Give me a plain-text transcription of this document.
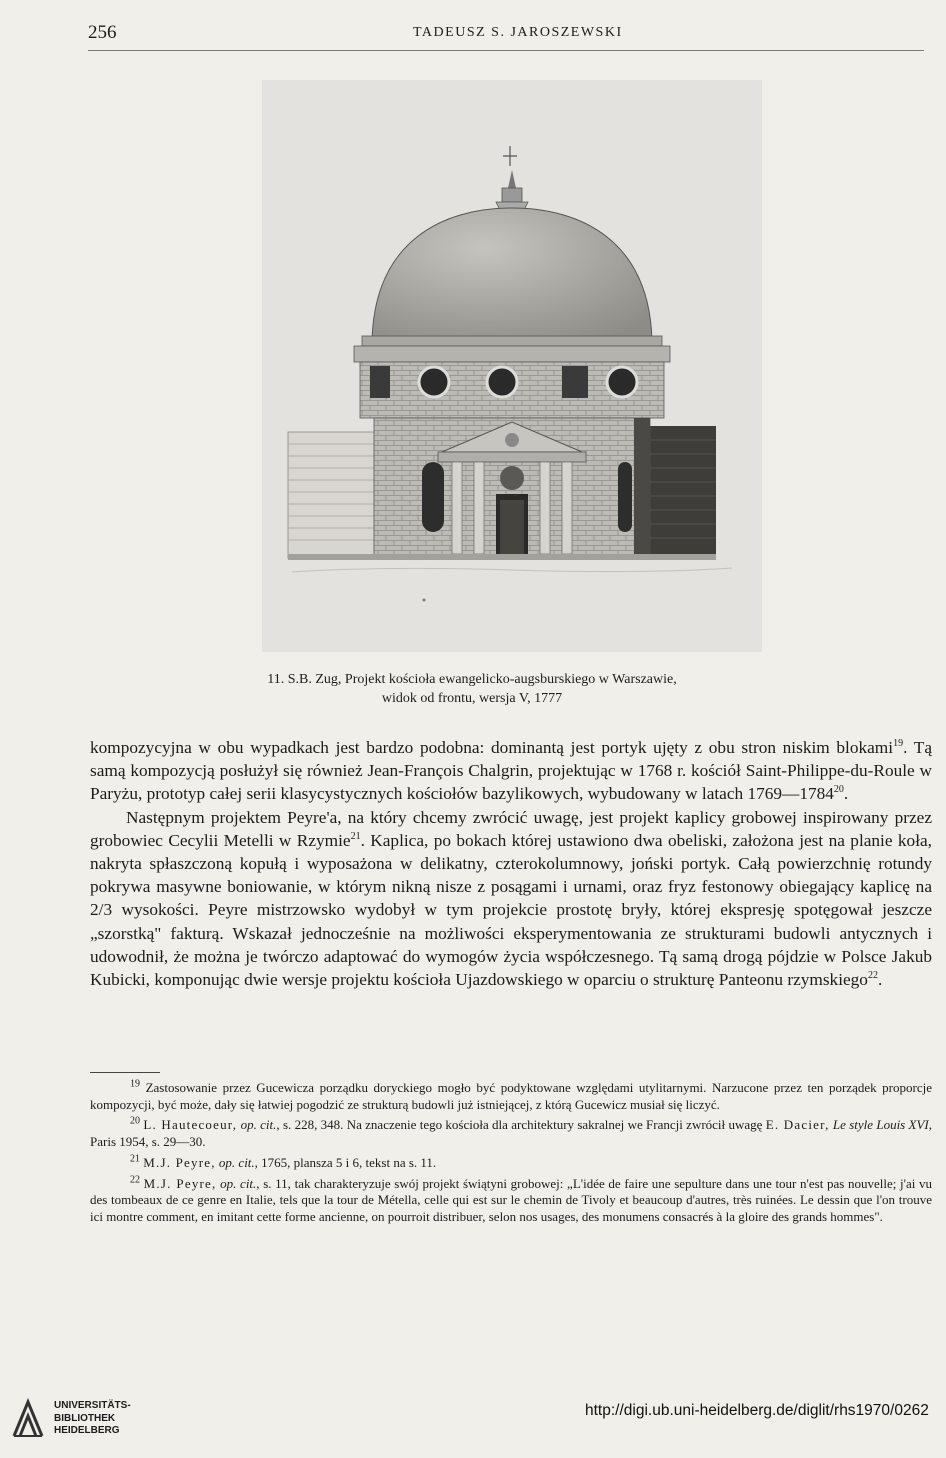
256	TADEUSZ S. JAROSZEWSKI
11. S.B. Zug, Projekt kościoła ewangelicko-augsburskiego w Warszawie,
widok od frontu, wersja V, 1777

kompozycyjna w obu wypadkach jest bardzo podobna: dominantą jest portyk ujęty z obu stron niskim blokami$^{19}$. Tą samą kompozycją posłużył się również Jean-François Chalgrin, projektując w 1768 r. kościół Saint-Philippe-du-Roule w Paryżu, prototyp całej serii klasycystycznych kościołów bazylikowych, wybudowany w latach 1769—1784$^{20}$.

Następnym projektem Peyre'a, na który chcemy zwrócić uwagę, jest projekt kaplicy grobowej inspirowany przez grobowiec Cecylii Metelli w Rzymie$^{21}$. Kaplica, po bokach której ustawiono dwa obeliski, założona jest na planie koła, nakryta spłaszczoną kopułą i wyposażona w delikatny, czterokolumnowy, joński portyk. Całą powierzchnię rotundy pokrywa masywne boniowanie, w którym nikną nisze z posągami i urnami, oraz fryz festonowy obiegający kaplicę na 2/3 wysokości. Peyre mistrzowsko wydobył w tym projekcie prostotę bryły, której ekspresję spotęgował jeszcze „szorstką" fakturą. Wskazał jednocześnie na możliwości eksperymentowania ze strukturami budowli antycznych i udowodnił, że można je twórczo adaptować do wymogów życia współczesnego. Tą samą drogą pójdzie w Polsce Jakub Kubicki, komponując dwie wersje projektu kościoła Ujazdowskiego w oparciu o strukturę Panteonu rzymskiego$^{22}$.

$^{19}$ Zastosowanie przez Gucewicza porządku doryckiego mogło być podyktowane względami utylitarnymi. Narzucone przez ten porządek proporcje kompozycji, być może, dały się łatwiej pogodzić ze strukturą budowli już istniejącej, z którą Gucewicz musiał się liczyć.

$^{20}$ L. Hautecoeur, op. cit., s. 228, 348. Na znaczenie tego kościoła dla architektury sakralnej we Francji zwrócił uwagę E. Dacier, Le style Louis XVI, Paris 1954, s. 29—30.

$^{21}$ M.J. Peyre, op. cit., 1765, plansza 5 i 6, tekst na s. 11.

$^{22}$ M.J. Peyre, op. cit., s. 11, tak charakteryzuje swój projekt świątyni grobowej: „L'idée de faire une sepulture dans une tour n'est pas nouvelle; j'ai vu des tombeaux de ce genre en Italie, tels que la tour de Métella, celle qui est sur le chemin de Tivoly et beaucoup d'autres, très ruinées. Le dessin que l'on trouve ici montre comment, en imitant cette forme ancienne, on pourroit distribuer, selon nos usages, des monumens consacrés à la gloire des grands hommes".

UNIVERSITÄTS-
BIBLIOTHEK
HEIDELBERG
http://digi.ub.uni-heidelberg.de/diglit/rhs1970/0262
